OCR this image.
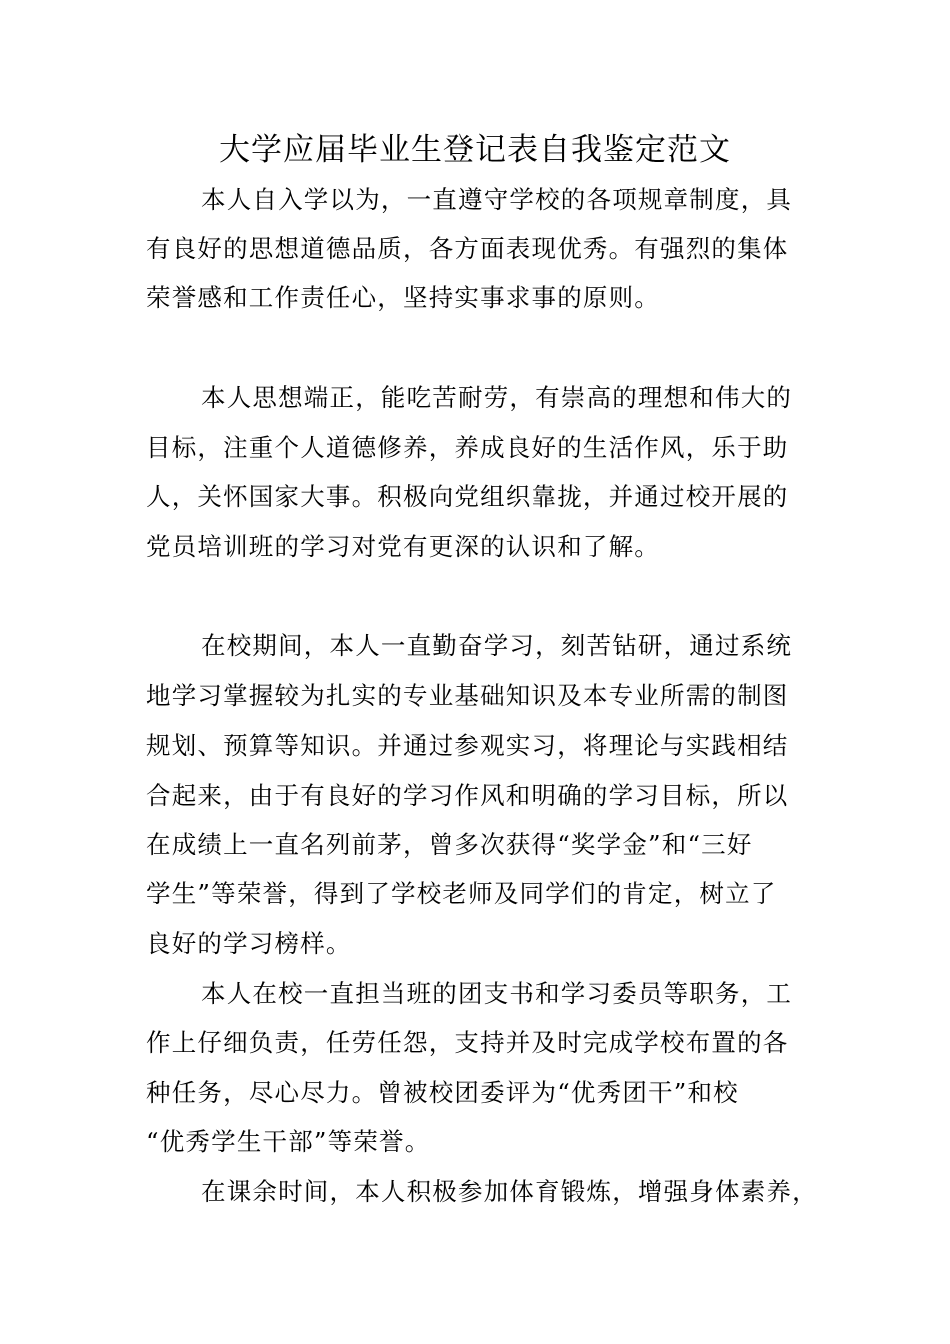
大学应届毕业生登记表自我鉴定范文
本人自入学以为，一直遵守学校的各项规章制度，具
有良好的思想道德品质，各方面表现优秀。有强烈的集体
荣誉感和工作责任心，坚持实事求事的原则。
本人思想端正，能吃苦耐劳，有崇高的理想和伟大的
目标，注重个人道德修养，养成良好的生活作风，乐于助
人，关怀国家大事。积极向党组织靠拢，并通过校开展的
党员培训班的学习对党有更深的认识和了解。
在校期间，本人一直勤奋学习，刻苦钻研，通过系统
地学习掌握较为扎实的专业基础知识及本专业所需的制图
规划、预算等知识。并通过参观实习，将理论与实践相结
合起来，由于有良好的学习作风和明确的学习目标，所以
在成绩上一直名列前茅，曾多次获得“奖学金”和“三好
学生”等荣誉，得到了学校老师及同学们的肯定，树立了
良好的学习榜样。
本人在校一直担当班的团支书和学习委员等职务，工
作上仔细负责，任劳任怨，支持并及时完成学校布置的各
种任务，尽心尽力。曾被校团委评为“优秀团干”和校
“优秀学生干部”等荣誉。
在课余时间，本人积极参加体育锻炼，增强身体素养，
